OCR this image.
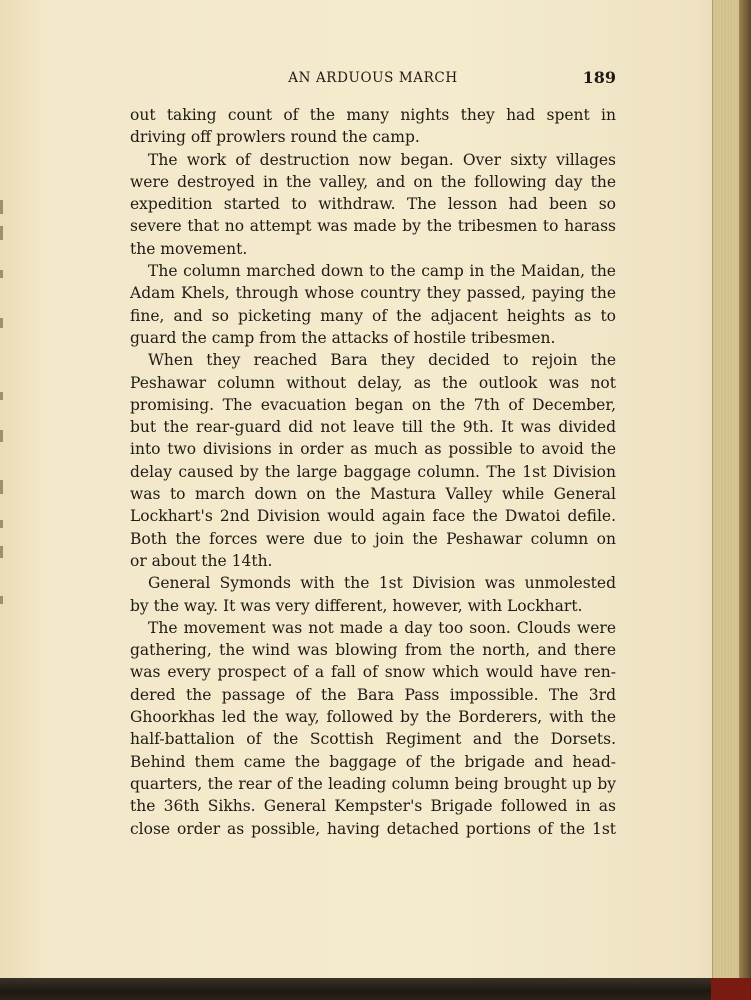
AN ARDUOUS MARCH	189
out taking count of the many nights they had spent in
driving off prowlers round the camp.
The work of destruction now began. Over sixty villages
were destroyed in the valley, and on the following day the
expedition started to withdraw. The lesson had been so
severe that no attempt was made by the tribesmen to harass
the movement.
The column marched down to the camp in the Maidan, the
Adam Khels, through whose country they passed, paying the
fine, and so picketing many of the adjacent heights as to
guard the camp from the attacks of hostile tribesmen.
When they reached Bara they decided to rejoin the
Peshawar column without delay, as the outlook was not
promising. The evacuation began on the 7th of December,
but the rear-guard did not leave till the 9th. It was divided
into two divisions in order as much as possible to avoid the
delay caused by the large baggage column. The 1st Division
was to march down on the Mastura Valley while General
Lockhart's 2nd Division would again face the Dwatoi defile.
Both the forces were due to join the Peshawar column on
or about the 14th.
General Symonds with the 1st Division was unmolested
by the way. It was very different, however, with Lockhart.
The movement was not made a day too soon. Clouds were
gathering, the wind was blowing from the north, and there
was every prospect of a fall of snow which would have ren-
dered the passage of the Bara Pass impossible. The 3rd
Ghoorkhas led the way, followed by the Borderers, with the
half-battalion of the Scottish Regiment and the Dorsets.
Behind them came the baggage of the brigade and head-
quarters, the rear of the leading column being brought up by
the 36th Sikhs. General Kempster's Brigade followed in as
close order as possible, having detached portions of the 1st
